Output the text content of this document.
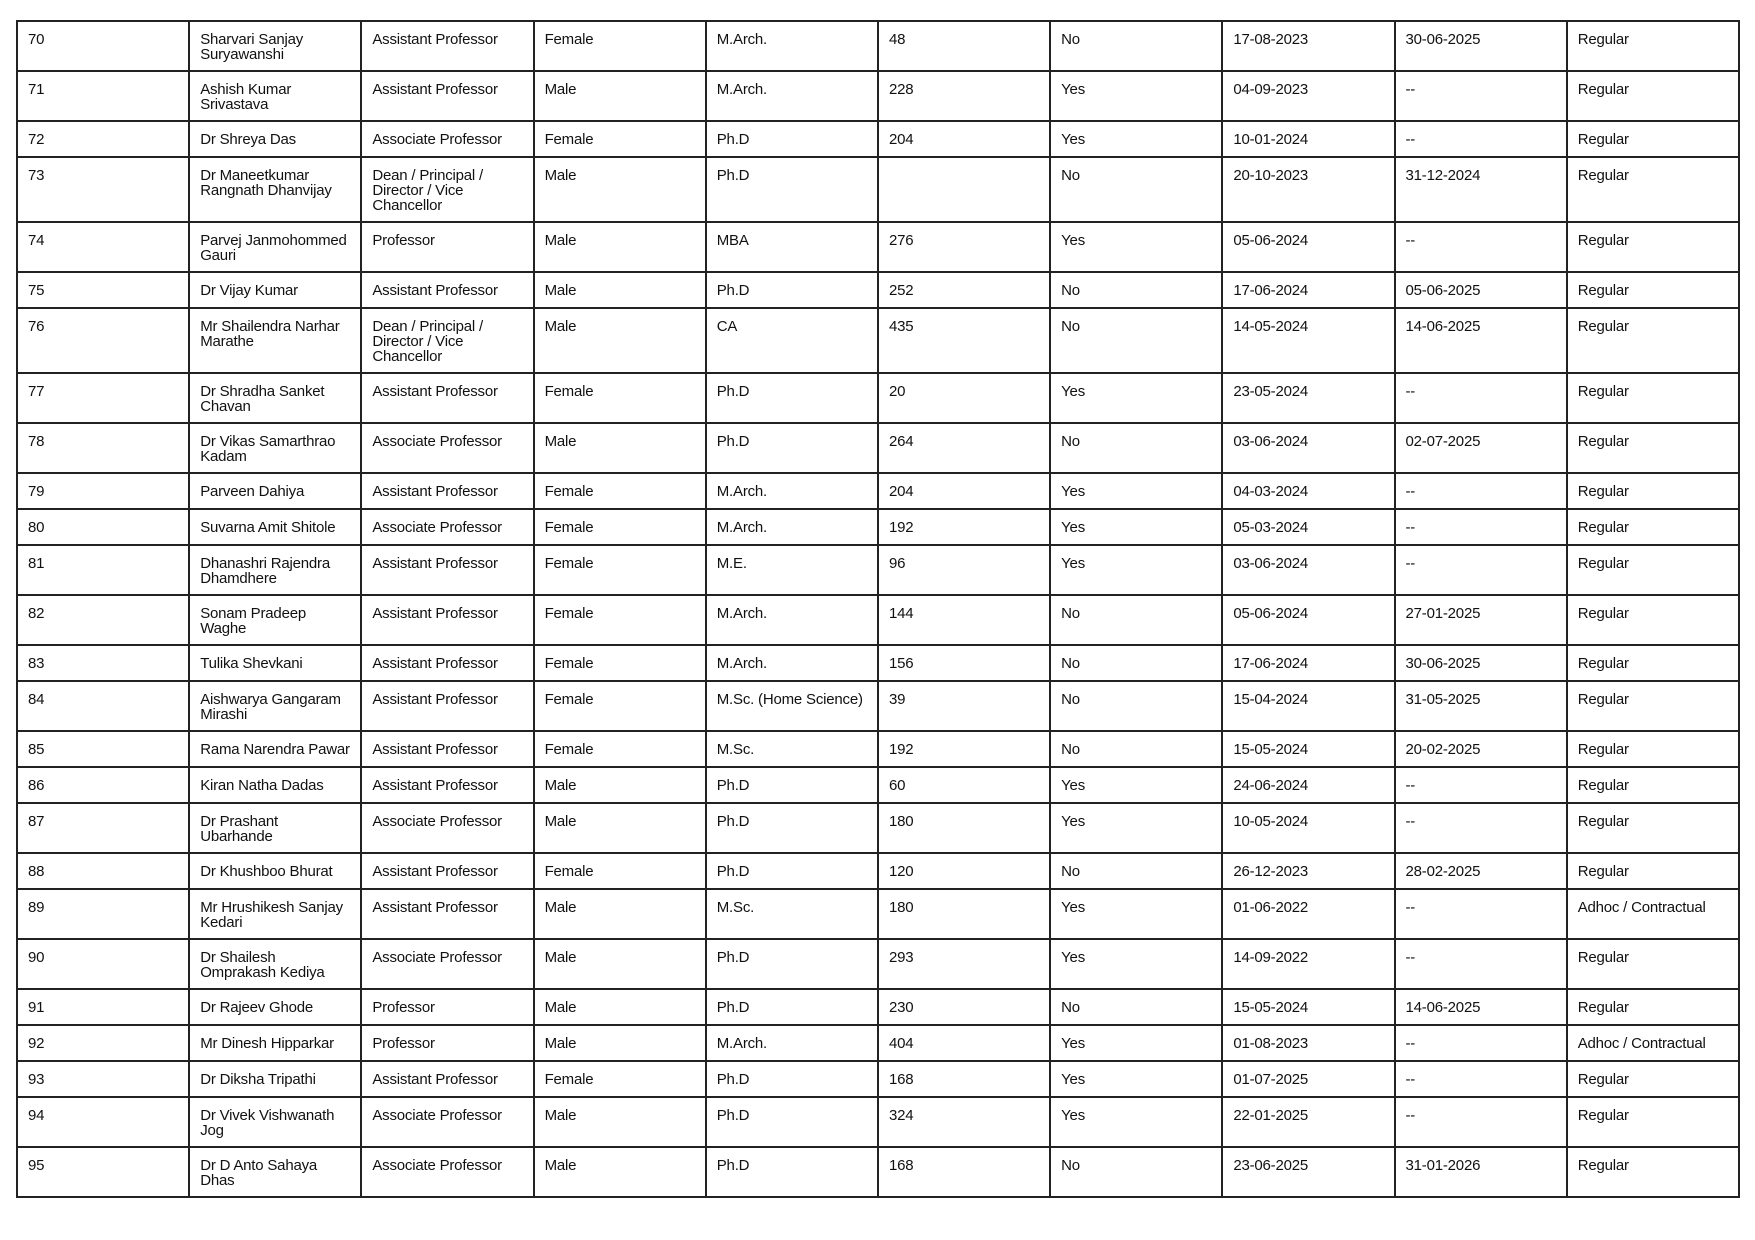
70	Sharvari Sanjay Suryawanshi	Assistant Professor	Female	M.Arch.	48	No	17-08-2023	30-06-2025	Regular
71	Ashish Kumar Srivastava	Assistant Professor	Male	M.Arch.	228	Yes	04-09-2023	--	Regular
72	Dr Shreya Das	Associate Professor	Female	Ph.D	204	Yes	10-01-2024	--	Regular
73	Dr Maneetkumar Rangnath Dhanvijay	Dean / Principal / Director / Vice Chancellor	Male	Ph.D		No	20-10-2023	31-12-2024	Regular
74	Parvej Janmohommed Gauri	Professor	Male	MBA	276	Yes	05-06-2024	--	Regular
75	Dr Vijay Kumar	Assistant Professor	Male	Ph.D	252	No	17-06-2024	05-06-2025	Regular
76	Mr Shailendra Narhar Marathe	Dean / Principal / Director / Vice Chancellor	Male	CA	435	No	14-05-2024	14-06-2025	Regular
77	Dr Shradha Sanket Chavan	Assistant Professor	Female	Ph.D	20	Yes	23-05-2024	--	Regular
78	Dr Vikas Samarthrao Kadam	Associate Professor	Male	Ph.D	264	No	03-06-2024	02-07-2025	Regular
79	Parveen Dahiya	Assistant Professor	Female	M.Arch.	204	Yes	04-03-2024	--	Regular
80	Suvarna Amit Shitole	Associate Professor	Female	M.Arch.	192	Yes	05-03-2024	--	Regular
81	Dhanashri Rajendra Dhamdhere	Assistant Professor	Female	M.E.	96	Yes	03-06-2024	--	Regular
82	Sonam Pradeep Waghe	Assistant Professor	Female	M.Arch.	144	No	05-06-2024	27-01-2025	Regular
83	Tulika Shevkani	Assistant Professor	Female	M.Arch.	156	No	17-06-2024	30-06-2025	Regular
84	Aishwarya Gangaram Mirashi	Assistant Professor	Female	M.Sc. (Home Science)	39	No	15-04-2024	31-05-2025	Regular
85	Rama Narendra Pawar	Assistant Professor	Female	M.Sc.	192	No	15-05-2024	20-02-2025	Regular
86	Kiran Natha Dadas	Assistant Professor	Male	Ph.D	60	Yes	24-06-2024	--	Regular
87	Dr Prashant Ubarhande	Associate Professor	Male	Ph.D	180	Yes	10-05-2024	--	Regular
88	Dr Khushboo Bhurat	Assistant Professor	Female	Ph.D	120	No	26-12-2023	28-02-2025	Regular
89	Mr Hrushikesh Sanjay Kedari	Assistant Professor	Male	M.Sc.	180	Yes	01-06-2022	--	Adhoc / Contractual
90	Dr Shailesh Omprakash Kediya	Associate Professor	Male	Ph.D	293	Yes	14-09-2022	--	Regular
91	Dr Rajeev Ghode	Professor	Male	Ph.D	230	No	15-05-2024	14-06-2025	Regular
92	Mr Dinesh Hipparkar	Professor	Male	M.Arch.	404	Yes	01-08-2023	--	Adhoc / Contractual
93	Dr Diksha Tripathi	Assistant Professor	Female	Ph.D	168	Yes	01-07-2025	--	Regular
94	Dr Vivek Vishwanath Jog	Associate Professor	Male	Ph.D	324	Yes	22-01-2025	--	Regular
95	Dr D Anto Sahaya Dhas	Associate Professor	Male	Ph.D	168	No	23-06-2025	31-01-2026	Regular
